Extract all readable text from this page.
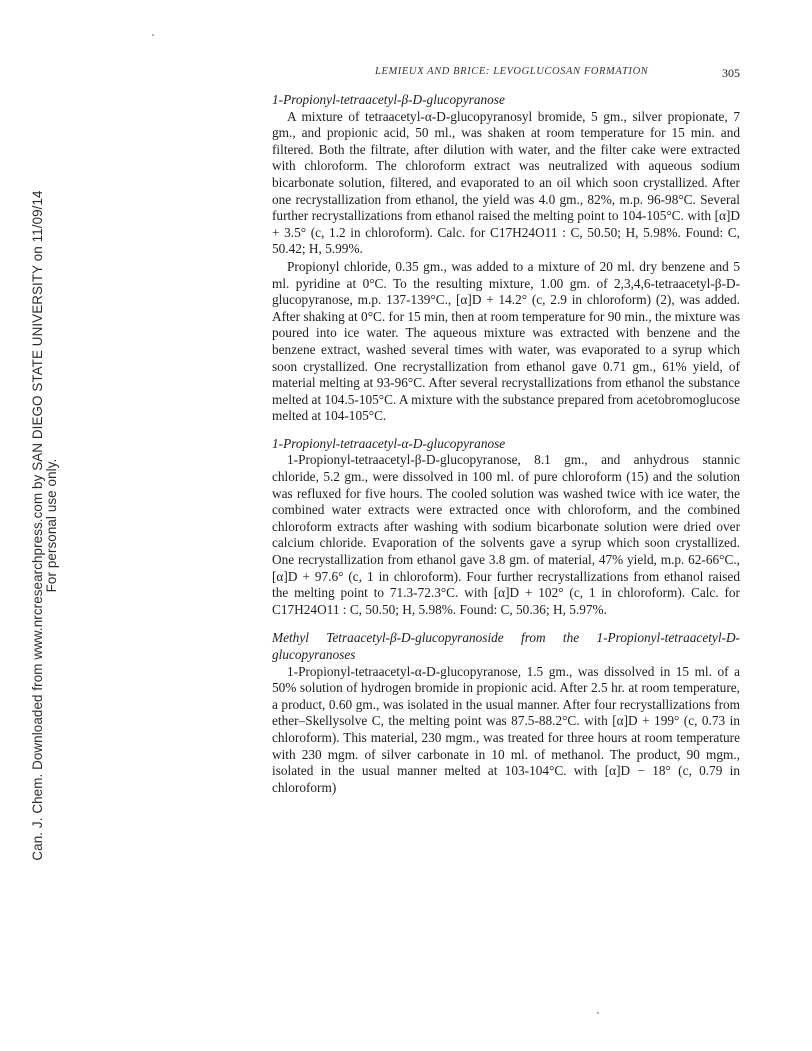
Can. J. Chem. Downloaded from www.nrcresearchpress.com by SAN DIEGO STATE UNIVERSITY on 11/09/14 For personal use only.
LEMIEUX AND BRICE: LEVOGLUCOSAN FORMATION	305
1-Propionyl-tetraacetyl-β-D-glucopyranose

A mixture of tetraacetyl-α-D-glucopyranosyl bromide, 5 gm., silver propionate, 7 gm., and propionic acid, 50 ml., was shaken at room temperature for 15 min. and filtered. Both the filtrate, after dilution with water, and the filter cake were extracted with chloroform. The chloroform extract was neutralized with aqueous sodium bicarbonate solution, filtered, and evaporated to an oil which soon crystallized. After one recrystallization from ethanol, the yield was 4.0 gm., 82%, m.p. 96-98°C. Several further recrystallizations from ethanol raised the melting point to 104-105°C. with [α]D + 3.5° (c, 1.2 in chloroform). Calc. for C17H24O11 : C, 50.50; H, 5.98%. Found: C, 50.42; H, 5.99%.

Propionyl chloride, 0.35 gm., was added to a mixture of 20 ml. dry benzene and 5 ml. pyridine at 0°C. To the resulting mixture, 1.00 gm. of 2,3,4,6-tetraacetyl-β-D-glucopyranose, m.p. 137-139°C., [α]D + 14.2° (c, 2.9 in chloroform) (2), was added. After shaking at 0°C. for 15 min, then at room temperature for 90 min., the mixture was poured into ice water. The aqueous mixture was extracted with benzene and the benzene extract, washed several times with water, was evaporated to a syrup which soon crystallized. One recrystallization from ethanol gave 0.71 gm., 61% yield, of material melting at 93-96°C. After several recrystallizations from ethanol the substance melted at 104.5-105°C. A mixture with the substance prepared from acetobromoglucose melted at 104-105°C.

1-Propionyl-tetraacetyl-α-D-glucopyranose

1-Propionyl-tetraacetyl-β-D-glucopyranose, 8.1 gm., and anhydrous stannic chloride, 5.2 gm., were dissolved in 100 ml. of pure chloroform (15) and the solution was refluxed for five hours. The cooled solution was washed twice with ice water, the combined water extracts were extracted once with chloroform, and the combined chloroform extracts after washing with sodium bicarbonate solution were dried over calcium chloride. Evaporation of the solvents gave a syrup which soon crystallized. One recrystallization from ethanol gave 3.8 gm. of material, 47% yield, m.p. 62-66°C., [α]D + 97.6° (c, 1 in chloroform). Four further recrystallizations from ethanol raised the melting point to 71.3-72.3°C. with [α]D + 102° (c, 1 in chloroform). Calc. for C17H24O11 : C, 50.50; H, 5.98%. Found: C, 50.36; H, 5.97%.

Methyl Tetraacetyl-β-D-glucopyranoside from the 1-Propionyl-tetraacetyl-D-glucopyranoses

1-Propionyl-tetraacetyl-α-D-glucopyranose, 1.5 gm., was dissolved in 15 ml. of a 50% solution of hydrogen bromide in propionic acid. After 2.5 hr. at room temperature, a product, 0.60 gm., was isolated in the usual manner. After four recrystallizations from ether–Skellysolve C, the melting point was 87.5-88.2°C. with [α]D + 199° (c, 0.73 in chloroform). This material, 230 mgm., was treated for three hours at room temperature with 230 mgm. of silver carbonate in 10 ml. of methanol. The product, 90 mgm., isolated in the usual manner melted at 103-104°C. with [α]D − 18° (c, 0.79 in chloroform)
